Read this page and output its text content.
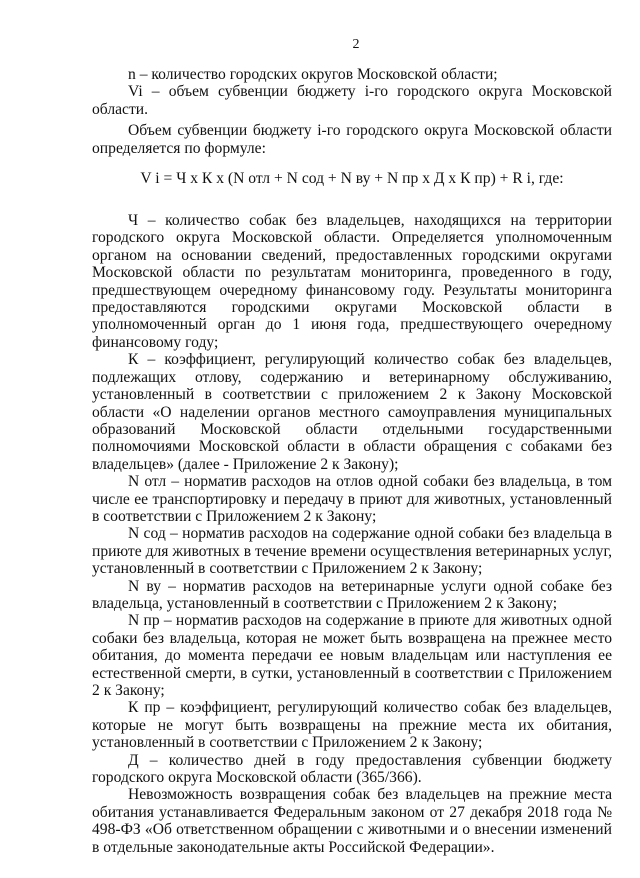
2

n – количество городских округов Московской области;

Vi – объем субвенции бюджету i-го городского округа Московской области.

Объем субвенции бюджету i-го городского округа Московской области определяется по формуле:

V i = Ч х К х (N отл + N сод + N ву + N пр х Д х К пр) + R i, где:

Ч – количество собак без владельцев, находящихся на территории городского округа Московской области. Определяется уполномоченным органом на основании сведений, предоставленных городскими округами Московской области по результатам мониторинга, проведенного в году, предшествующем очередному финансовому году. Результаты мониторинга предоставляются городскими округами Московской области в уполномоченный орган до 1 июня года, предшествующего очередному финансовому году;

К – коэффициент, регулирующий количество собак без владельцев, подлежащих отлову, содержанию и ветеринарному обслуживанию, установленный в соответствии с приложением 2 к Закону Московской области «О наделении органов местного самоуправления муниципальных образований Московской области отдельными государственными полномочиями Московской области в области обращения с собаками без владельцев» (далее - Приложение 2 к Закону);

N отл – норматив расходов на отлов одной собаки без владельца, в том числе ее транспортировку и передачу в приют для животных, установленный в соответствии с Приложением 2 к Закону;

N сод – норматив расходов на содержание одной собаки без владельца в приюте для животных в течение времени осуществления ветеринарных услуг, установленный в соответствии с Приложением 2 к Закону;

N ву – норматив расходов на ветеринарные услуги одной собаке без владельца, установленный в соответствии с Приложением 2 к Закону;

N пр – норматив расходов на содержание в приюте для животных одной собаки без владельца, которая не может быть возвращена на прежнее место обитания, до момента передачи ее новым владельцам или наступления ее естественной смерти, в сутки, установленный в соответствии с Приложением 2 к Закону;

К пр – коэффициент, регулирующий количество собак без владельцев, которые не могут быть возвращены на прежние места их обитания, установленный в соответствии с Приложением 2 к Закону;

Д – количество дней в году предоставления субвенции бюджету городского округа Московской области (365/366).

Невозможность возвращения собак без владельцев на прежние места обитания устанавливается Федеральным законом от 27 декабря 2018 года № 498-ФЗ «Об ответственном обращении с животными и о внесении изменений в отдельные законодательные акты Российской Федерации».
